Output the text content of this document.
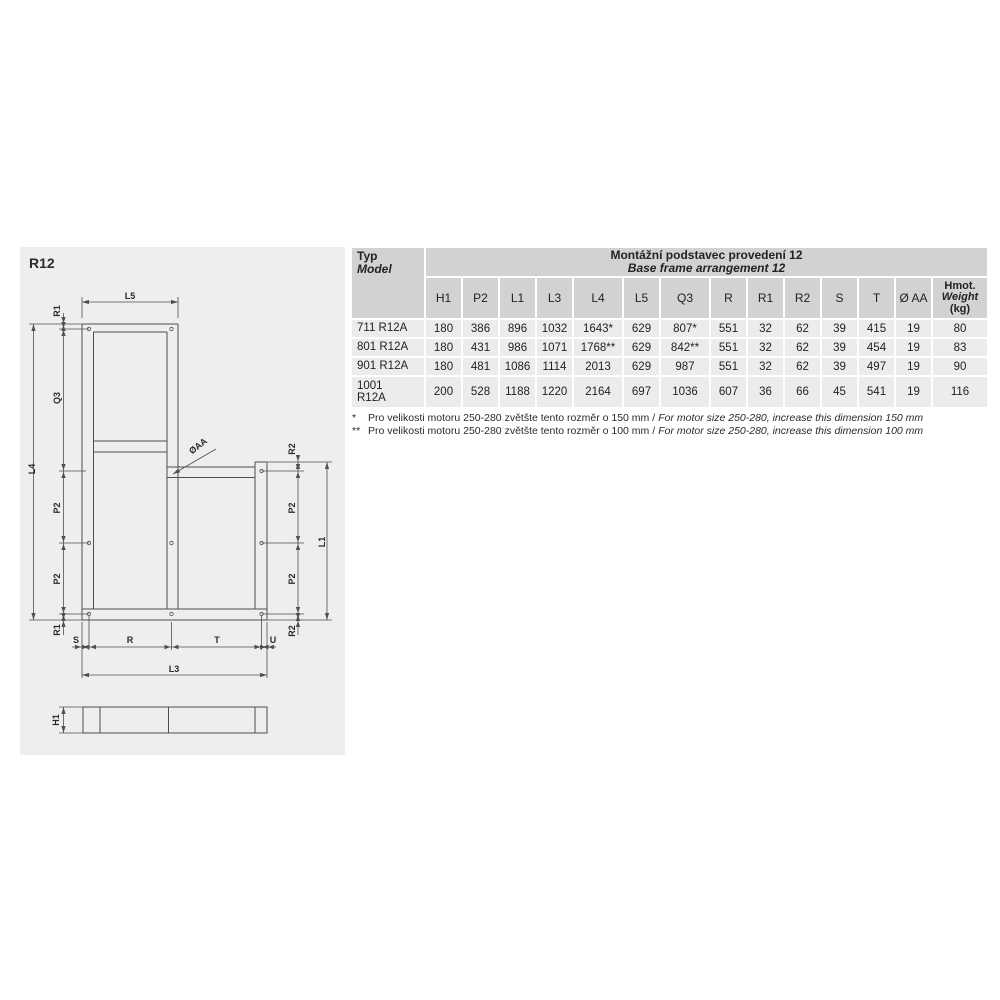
R12
L5
R1
Q3
L4
P2
P2
R1
ØAA	R2
P2
P2
R2
L1
S	R	T	U
L3
H1
Typ
Model

Montážní podstavec provedení 12
Base frame arrangement 12

	H1	P2	L1	L3	L4	L5	Q3	R	R1	R2	S	T	Ø AA	Hmot.
Weight
(kg)

711 R12A	180	386	896	1032	1643*	629	807*	551	32	62	39	415	19	80
801 R12A	180	431	986	1071	1768**	629	842**	551	32	62	39	454	19	83
901 R12A	180	481	1086	1114	2013	629	987	551	32	62	39	497	19	90
1001 R12A	200	528	1188	1220	2164	697	1036	607	36	66	45	541	19	116
*	Pro velikosti motoru 250-280 zvětšte tento rozměr o 150 mm / For motor size 250-280, increase this dimension 150 mm
** Pro velikosti motoru 250-280 zvětšte tento rozměr o 100 mm / For motor size 250-280, increase this dimension 100 mm
